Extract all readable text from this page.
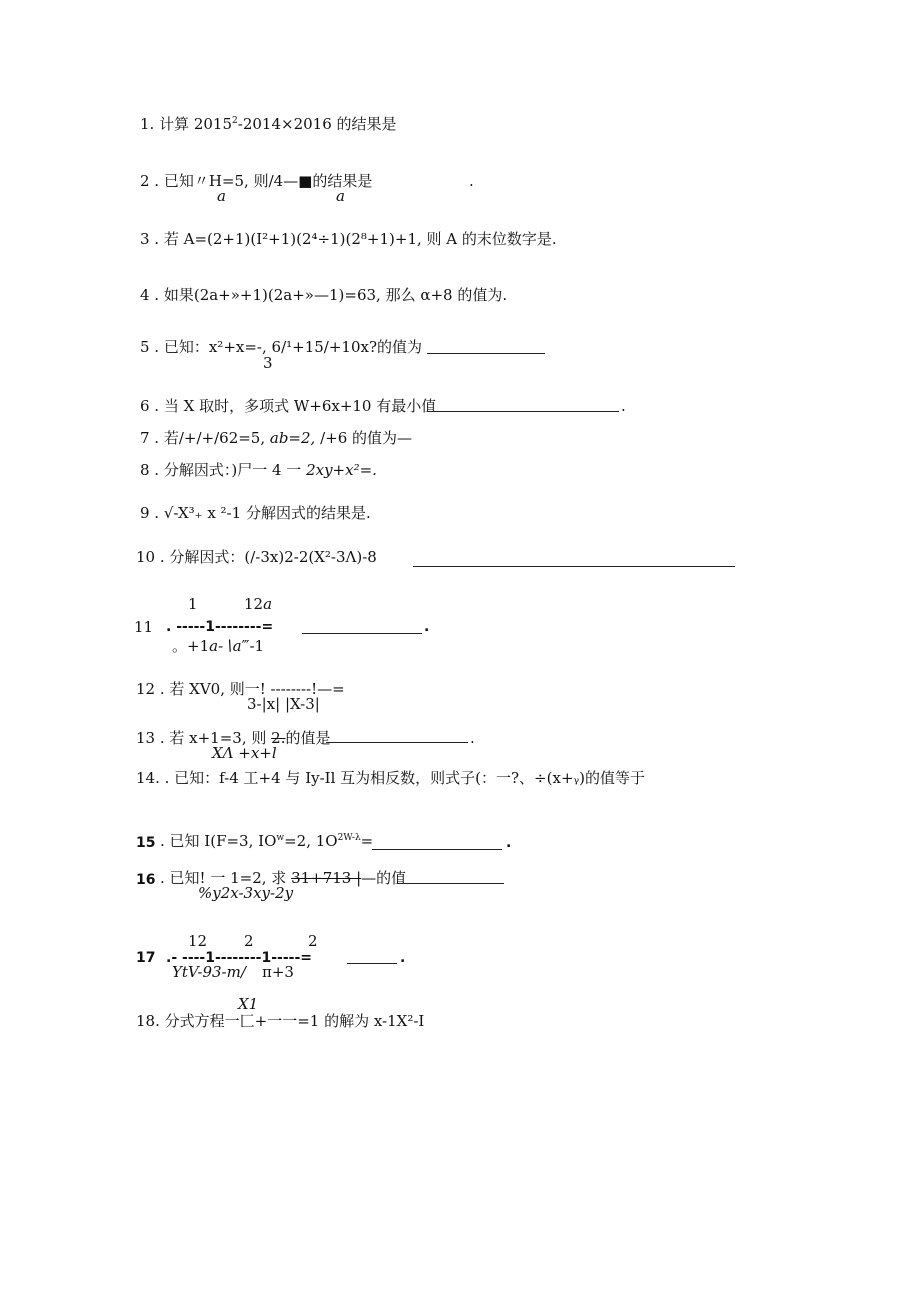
1. 计算 $2015^2-2014\times 2016$ 的结果是
2 . 已知〃H=5, 则/4—■的结果是	.
a	a
3 . 若 A=(2+1)(I²+1)(2⁴÷1)(2⁸+1)+1, 则 A 的末位数字是.
4 . 如果(2a+»+1)(2a+»—1)=63, 那么 α+8 的值为.
5 . 已知：x²+x=-, 6/¹+15/+10x?的值为
3
6 . 当 X 取时，多项式 W+6x+10 有最小值	.
7 . 若/+/+/62=5, ab=2, /+6 的值为—
8 . 分解因式：)尸一 4 一 2xy+x²=.
9 . √-X³₊ x ²-1 分解因式的结果是.
10 . 分解因式：(/-3x)2-2(X²-3Λ)-8
1	12a
11 . -----1--------=	.
。+1a-∖a‴-1
12 . 若 XV0, 则一! --------!—=
3-|x| |X-3|
13 . 若 x+1=3, 则 2.的值是	.
XΛ +x+l
14. . 已知：f-4 工+4 与 Iy-Il 互为相反数，则式子(：一?、÷(x+ᵧ)的值等于
15 . 已知 I(F=3, $IO^w=2$, $1O^{2W-\lambda}=$	.
16 . 已知! 一 1=2, 求 31+713 |—的值
%y2x-3xy-2y
12 2	2
17 .- ----1--------1-----=	.
YtV-93-m/ π+3
X1
18. 分式方程一匚+一一=1 的解为 x-1X²-I
